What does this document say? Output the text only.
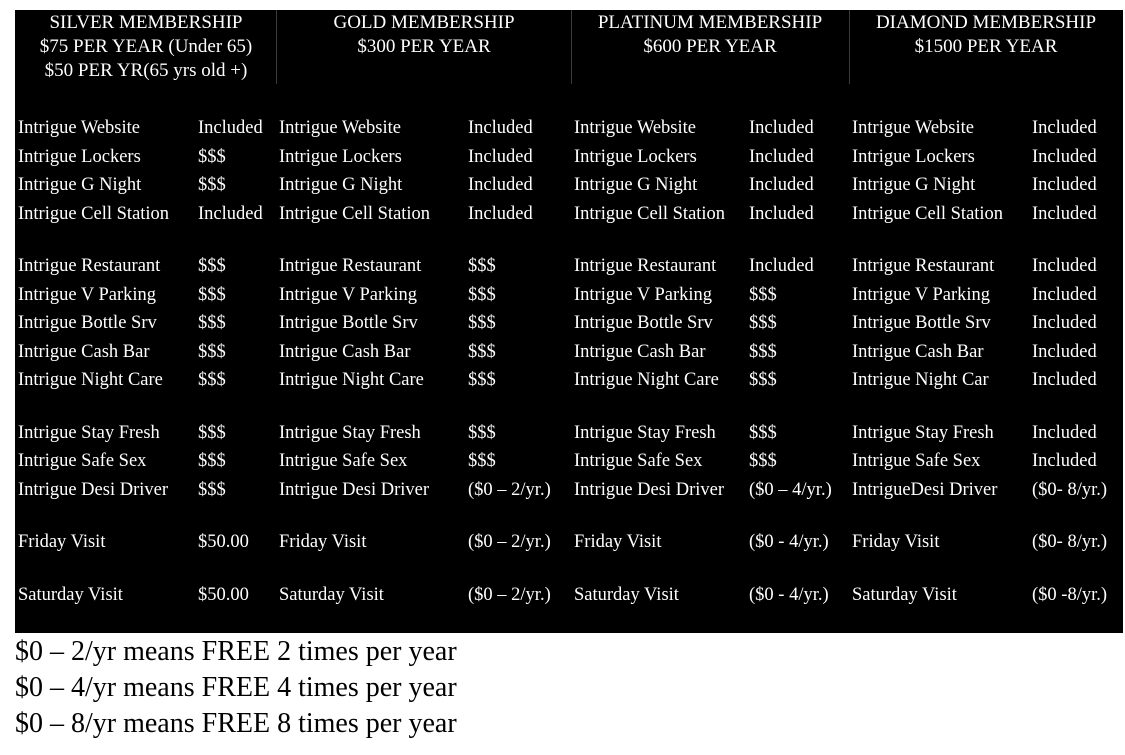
SILVER MEMBERSHIP
$75 PER YEAR (Under 65)
$50 PER YR(65 yrs old +)
GOLD MEMBERSHIP
$300 PER YEAR
PLATINUM MEMBERSHIP
$600 PER YEAR
DIAMOND MEMBERSHIP
$1500 PER YEAR
Intrigue Website	Included Intrigue Website	Included	Intrigue Website	Included	Intrigue Website	Included
Intrigue Lockers	$$$	Intrigue Lockers	Included	Intrigue Lockers	Included	Intrigue Lockers	Included
Intrigue G Night	$$$	Intrigue G Night	Included	Intrigue G Night	Included	Intrigue G Night	Included
Intrigue Cell Station	Included Intrigue Cell Station	Included	Intrigue Cell Station	Included	Intrigue Cell Station	Included
Intrigue Restaurant	$$$	Intrigue Restaurant	$$$	Intrigue Restaurant	Included	Intrigue Restaurant	Included
Intrigue V Parking	$$$	Intrigue V Parking	$$$	Intrigue V Parking	$$$	Intrigue V Parking	Included
Intrigue Bottle Srv	$$$	Intrigue Bottle Srv	$$$	Intrigue Bottle Srv	$$$	Intrigue Bottle Srv	Included
Intrigue Cash Bar	$$$	Intrigue Cash Bar	$$$	Intrigue Cash Bar	$$$	Intrigue Cash Bar	Included
Intrigue Night Care	$$$	Intrigue Night Care	$$$	Intrigue Night Care	$$$	Intrigue Night Car	Included
Intrigue Stay Fresh	$$$	Intrigue Stay Fresh	$$$	Intrigue Stay Fresh	$$$	Intrigue Stay Fresh	Included
Intrigue Safe Sex	$$$	Intrigue Safe Sex	$$$	Intrigue Safe Sex	$$$	Intrigue Safe Sex	Included
Intrigue Desi Driver	$$$	Intrigue Desi Driver	($0 – 2/yr.)	Intrigue Desi Driver	($0 – 4/yr.)	IntrigueDesi Driver	($0- 8/yr.)
Friday Visit	$50.00	Friday Visit	($0 – 2/yr.)	Friday Visit	($0 - 4/yr.)	Friday Visit	($0- 8/yr.)
Saturday Visit	$50.00	Saturday Visit	($0 – 2/yr.)	Saturday Visit	($0 - 4/yr.)	Saturday Visit	($0 -8/yr.)
$0 – 2/yr means FREE 2 times per year
$0 – 4/yr means FREE 4 times per year
$0 – 8/yr means FREE 8 times per year
